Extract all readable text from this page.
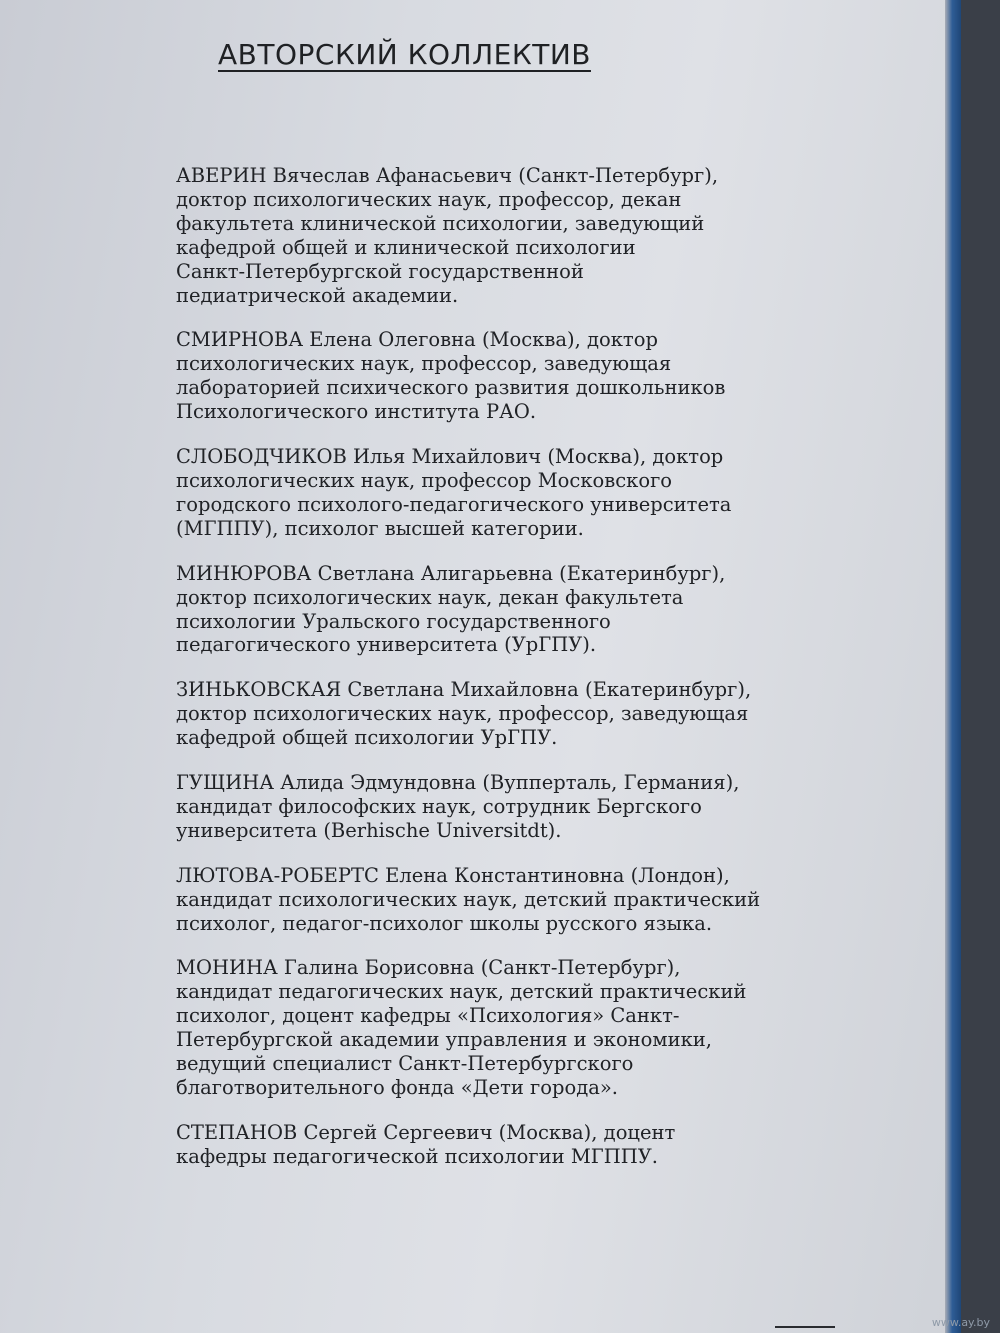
АВТОРСКИЙ КОЛЛЕКТИВ

АВЕРИН Вячеслав Афанасьевич (Санкт-Петербург),
доктор психологических наук, профессор, декан
факультета клинической психологии, заведующий
кафедрой общей и клинической психологии
Санкт-Петербургской государственной
педиатрической академии.

СМИРНОВА Елена Олеговна (Москва), доктор
психологических наук, профессор, заведующая
лабораторией психического развития дошкольников
Психологического института РАО.

СЛОБОДЧИКОВ Илья Михайлович (Москва), доктор
психологических наук, профессор Московского
городского психолого-педагогического университета
(МГППУ), психолог высшей категории.

МИНЮРОВА Светлана Алигарьевна (Екатеринбург),
доктор психологических наук, декан факультета
психологии Уральского государственного
педагогического университета (УрГПУ).

ЗИНЬКОВСКАЯ Светлана Михайловна (Екатеринбург),
доктор психологических наук, профессор, заведующая
кафедрой общей психологии УрГПУ.

ГУЩИНА Алида Эдмундовна (Вупперталь, Германия),
кандидат философских наук, сотрудник Бергского
университета (Berhische Universitdt).

ЛЮТОВА-РОБЕРТС Елена Константиновна (Лондон),
кандидат психологических наук, детский практический
психолог, педагог-психолог школы русского языка.

МОНИНА Галина Борисовна (Санкт-Петербург),
кандидат педагогических наук, детский практический
психолог, доцент кафедры «Психология» Санкт-
Петербургской академии управления и экономики,
ведущий специалист Санкт-Петербургского
благотворительного фонда «Дети города».

СТЕПАНОВ Сергей Сергеевич (Москва), доцент
кафедры педагогической психологии МГППУ.

www.ay.by
